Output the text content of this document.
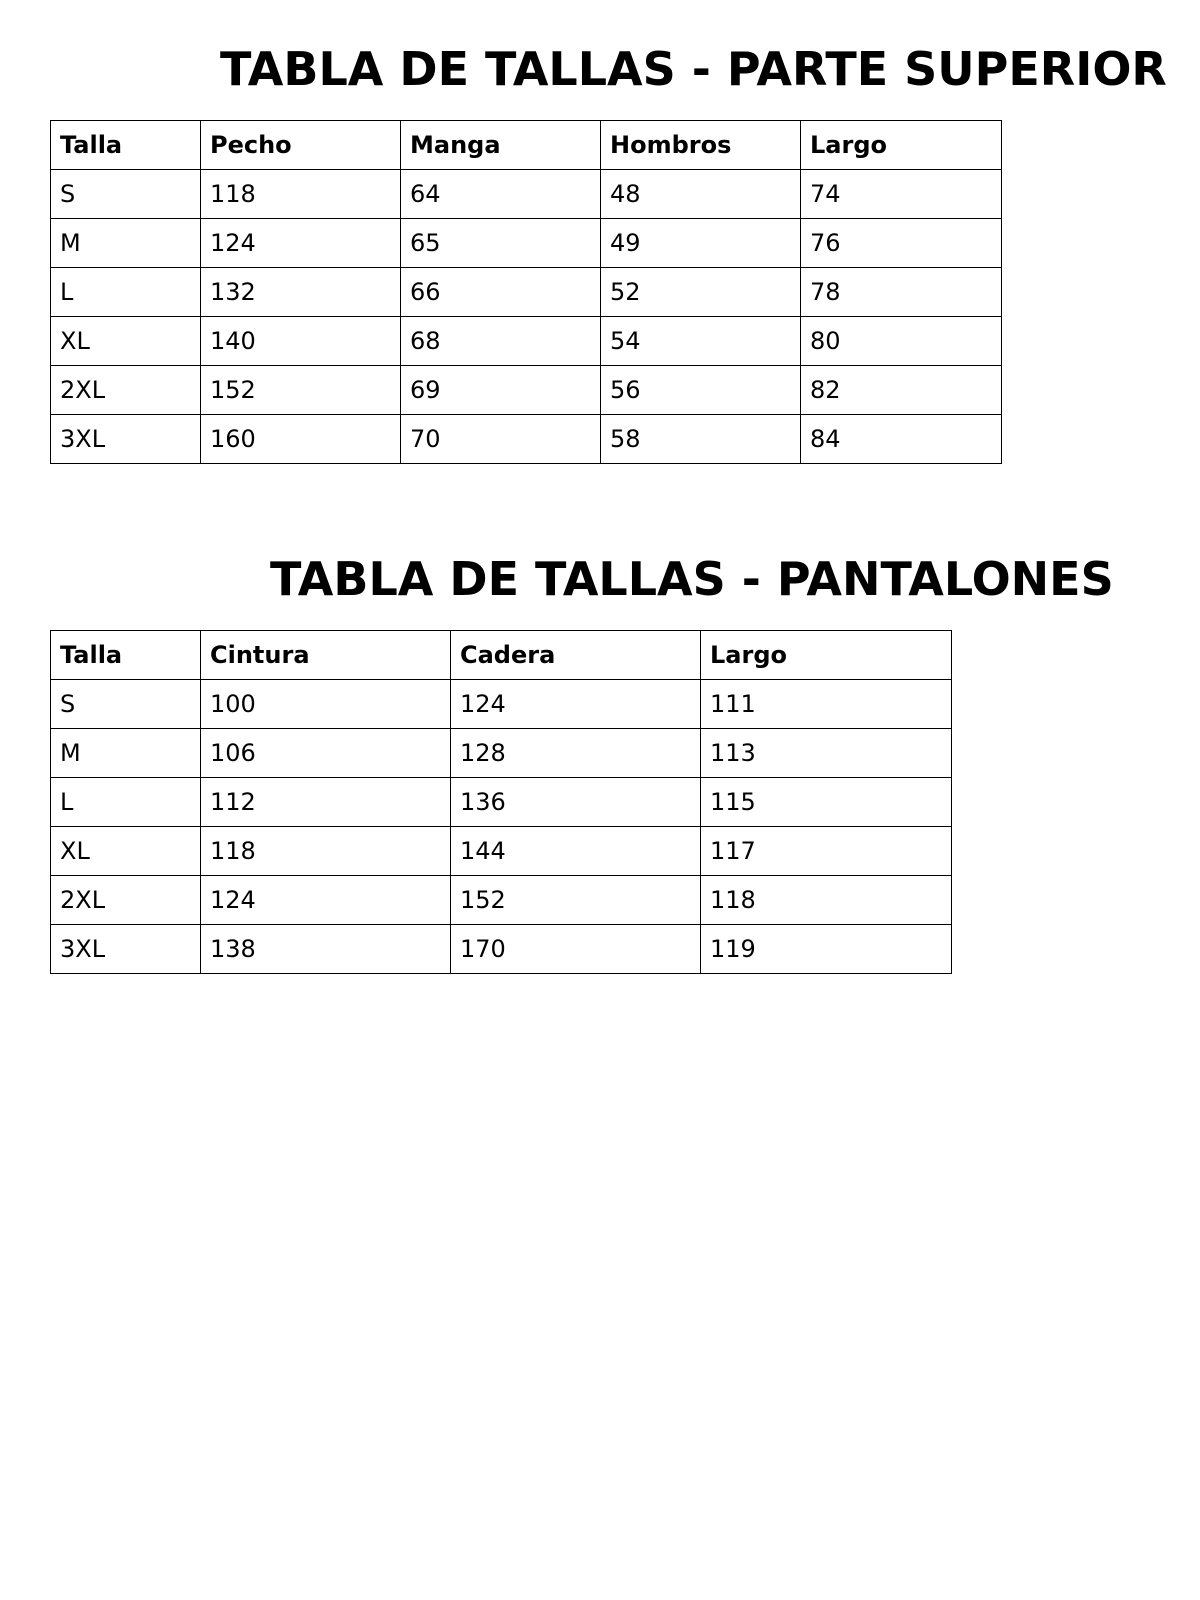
TABLA DE TALLAS - PARTE SUPERIOR
Talla	Pecho	Manga	Hombros	Largo
S	118	64	48	74
M	124	65	49	76
L	132	66	52	78
XL	140	68	54	80
2XL	152	69	56	82
3XL	160	70	58	84
TABLA DE TALLAS - PANTALONES
Talla	Cintura	Cadera	Largo
S	100	124	111
M	106	128	113
L	112	136	115
XL	118	144	117
2XL	124	152	118
3XL	138	170	119
